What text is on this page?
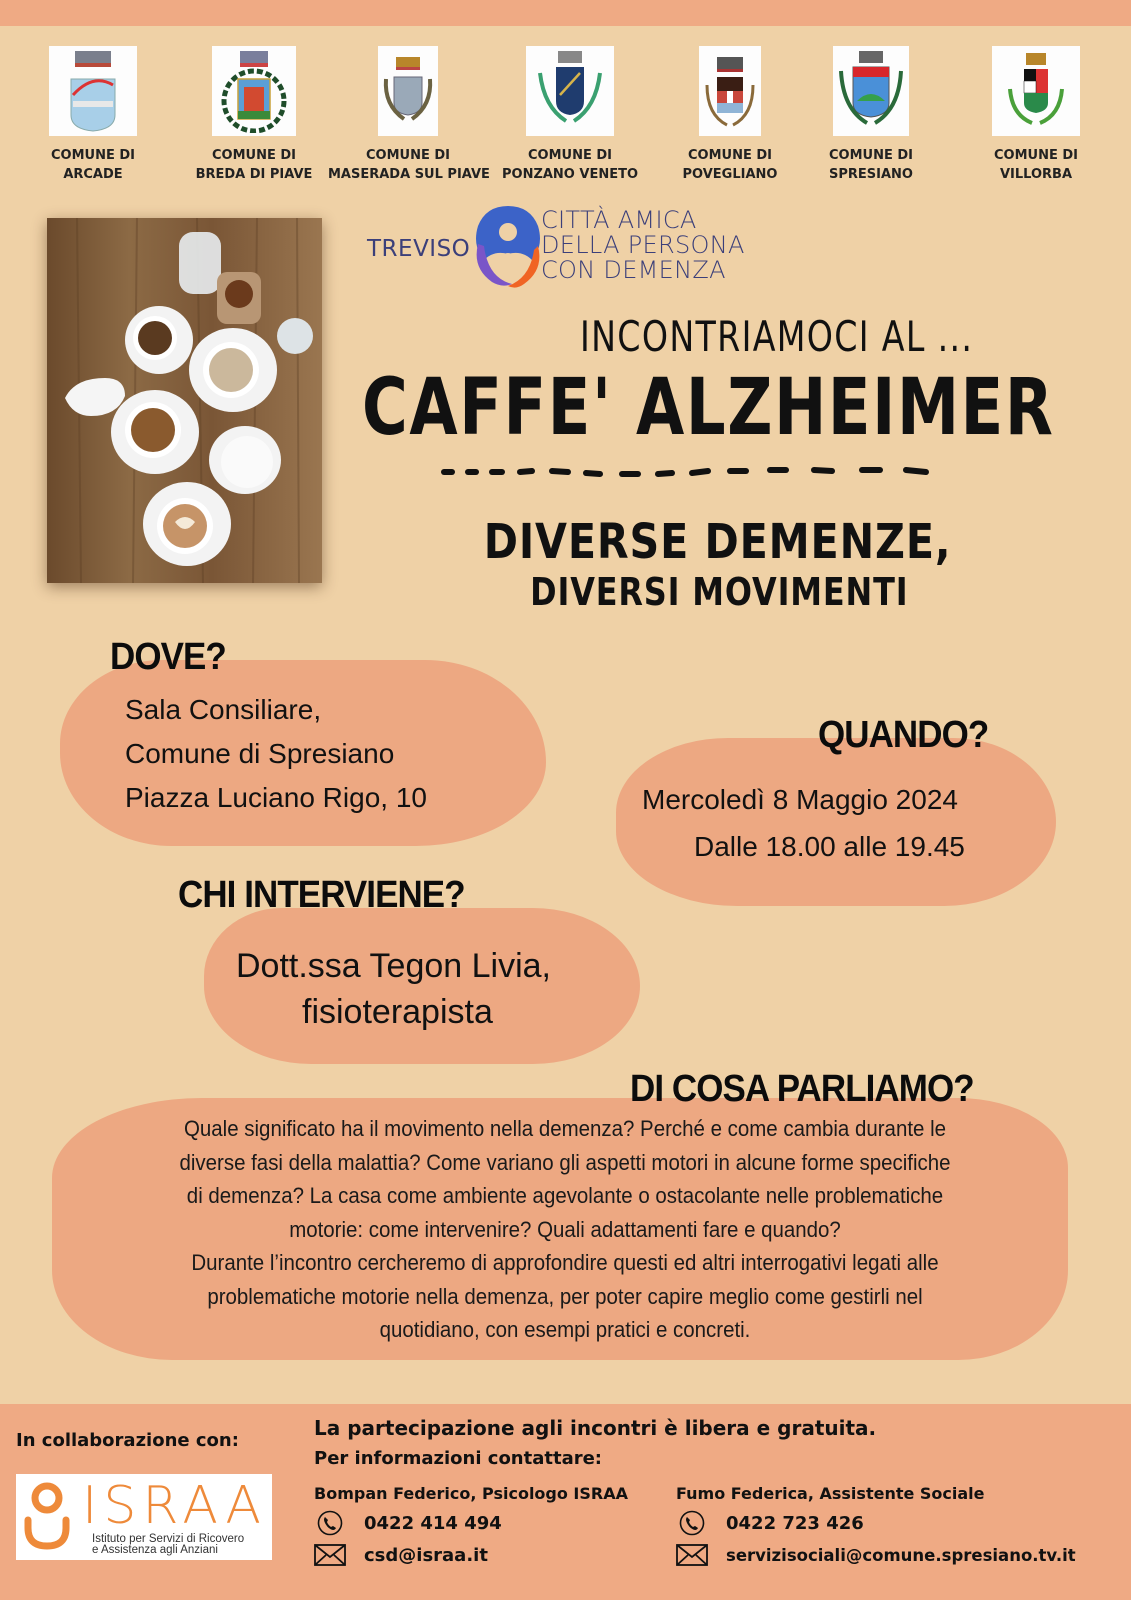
COMUNE DI
ARCADE
COMUNE DI
BREDA DI PIAVE
COMUNE DI
MASERADA SUL PIAVE
COMUNE DI
PONZANO VENETO
COMUNE DI
POVEGLIANO
COMUNE DI
SPRESIANO
COMUNE DI
VILLORBA
TREVISO
CITTÀ AMICA
DELLA PERSONA
CON DEMENZA
INCONTRIAMOCI AL ...
CAFFE' ALZHEIMER
DIVERSE DEMENZE,
DIVERSI MOVIMENTI
DOVE?
Sala Consiliare,
Comune di Spresiano
Piazza Luciano Rigo, 10
QUANDO?
Mercoledì 8 Maggio 2024
Dalle 18.00 alle 19.45
CHI INTERVIENE?
Dott.ssa Tegon Livia,
fisioterapista
DI COSA PARLIAMO?
Quale significato ha il movimento nella demenza? Perché e come cambia durante le
diverse fasi della malattia? Come variano gli aspetti motori in alcune forme specifiche
di demenza? La casa come ambiente agevolante o ostacolante nelle problematiche
motorie: come intervenire? Quali adattamenti fare e quando?
Durante l’incontro cercheremo di approfondire questi ed altri interrogativi legati alle
problematiche motorie nella demenza, per poter capire meglio come gestirli nel
quotidiano, con esempi pratici e concreti.
In collaborazione con:
ISRAA
Istituto per Servizi di Ricovero
e Assistenza agli Anziani
La partecipazione agli incontri è libera e gratuita.
Per informazioni contattare:
Bompan Federico, Psicologo ISRAA
0422 414 494
csd@israa.it
Fumo Federica, Assistente Sociale
0422 723 426
servizisociali@comune.spresiano.tv.it
